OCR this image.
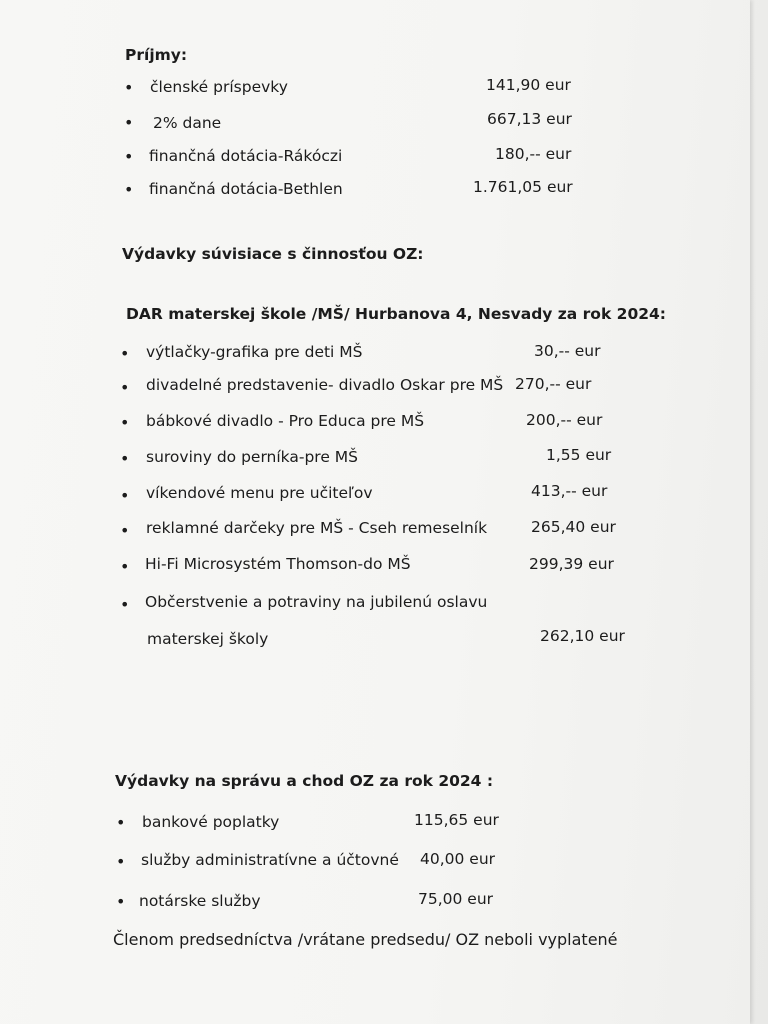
Príjmy:
•
členské príspevky	141,90 eur
•
2% dane	667,13 eur
•
finančná dotácia-Rákóczi	180,-- eur
•
finančná dotácia-Bethlen	1.761,05 eur
Výdavky súvisiace s činnosťou OZ:
DAR materskej škole /MŠ/ Hurbanova 4, Nesvady za rok 2024:
•
výtlačky-grafika pre deti MŠ	30,-- eur
•
divadelné predstavenie- divadlo Oskar pre MŠ 270,-- eur
•
bábkové divadlo - Pro Educa pre MŠ	200,-- eur
•
suroviny do perníka-pre MŠ	1,55 eur
•
víkendové menu pre učiteľov	413,-- eur
•
reklamné darčeky pre MŠ - Cseh remeselník	265,40 eur
•
Hi-Fi Microsystém Thomson-do MŠ	299,39 eur
•
Občerstvenie a potraviny na jubilenú oslavu
materskej školy	262,10 eur
Výdavky na správu a chod OZ za rok 2024 :
•
bankové poplatky	115,65 eur
•
služby administratívne a účtovné 40,00 eur
•
notárske služby	75,00 eur
Členom predsedníctva /vrátane predsedu/ OZ neboli vyplatené
